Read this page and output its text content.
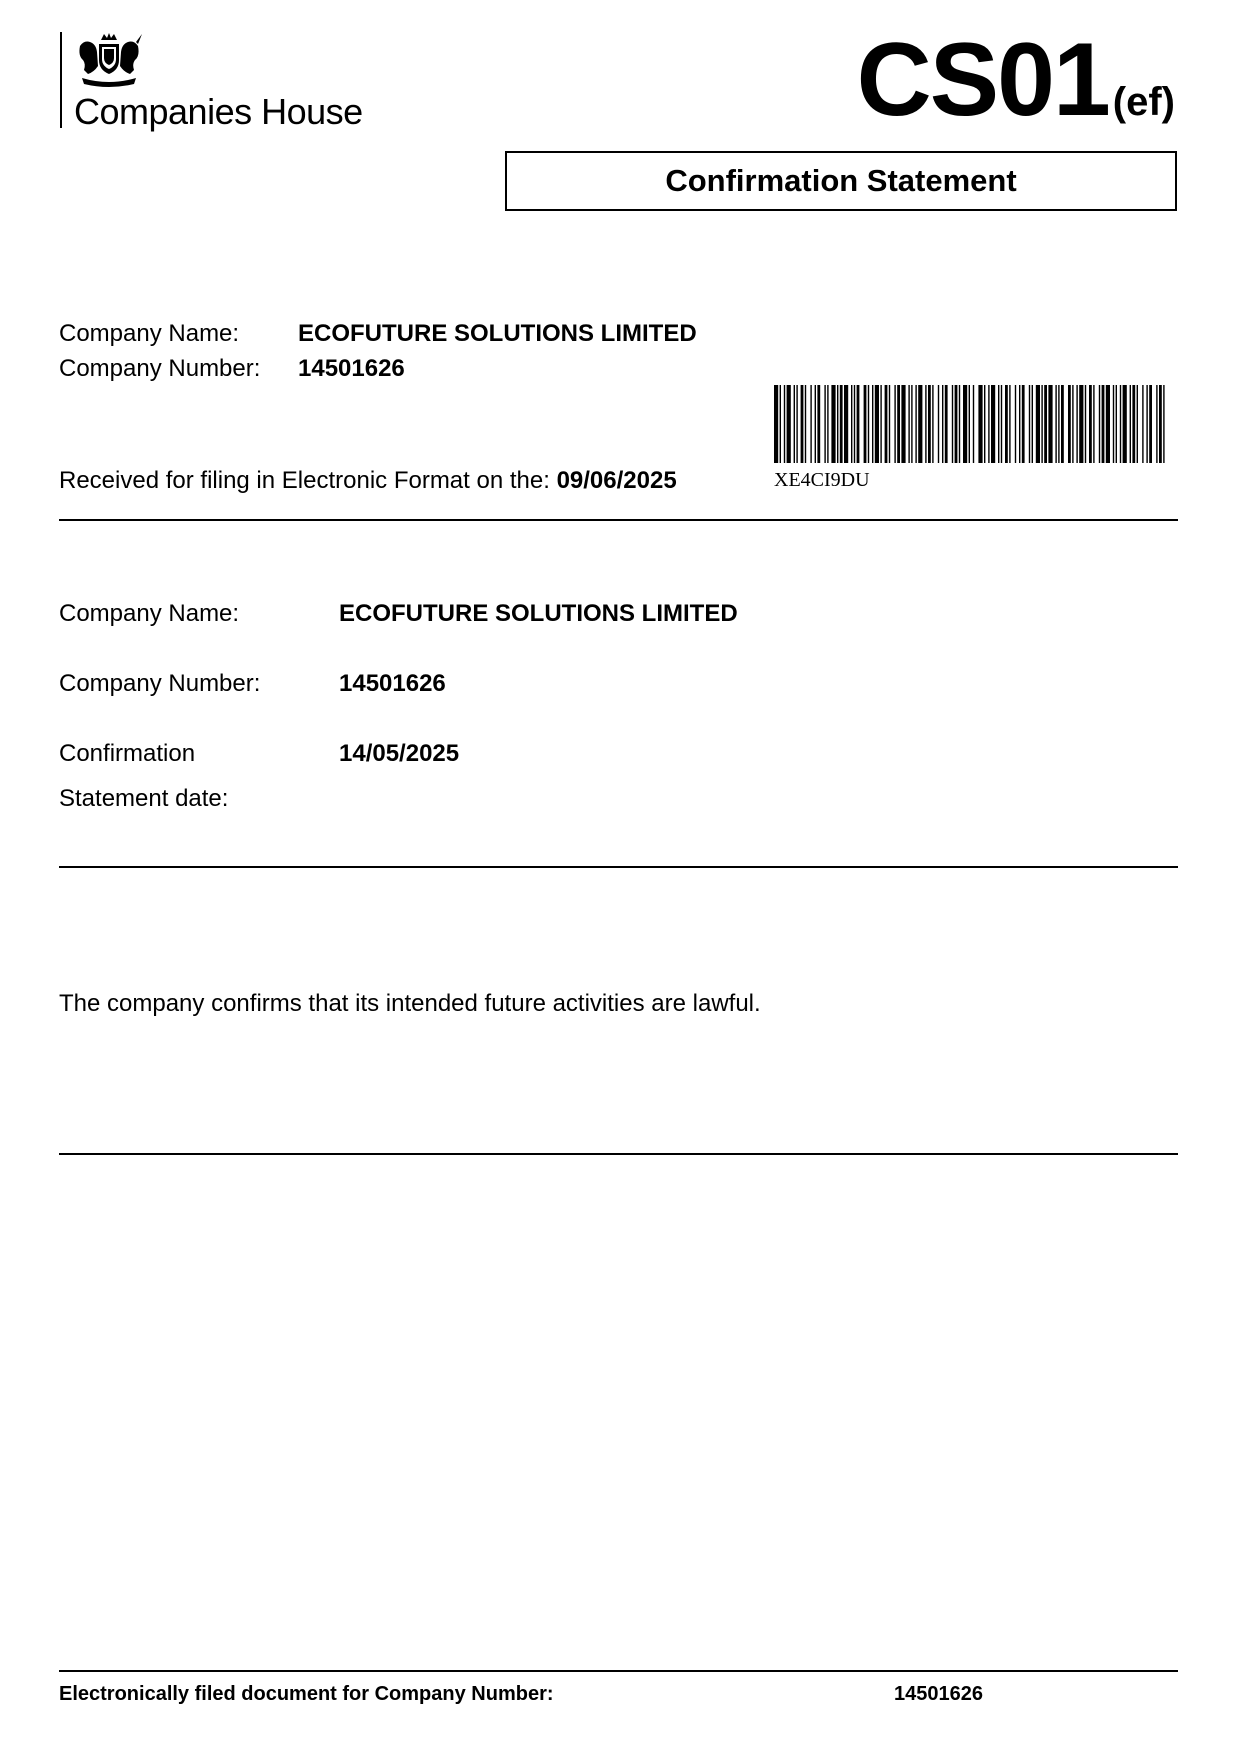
Companies House	CS01 (ef)
Confirmation Statement
Company Name: ECOFUTURE SOLUTIONS LIMITED
Company Number: 14501626
Received for filing in Electronic Format on the: 09/06/2025	XE4CI9DU
Company Name:	ECOFUTURE SOLUTIONS LIMITED
Company Number:	14501626
Confirmation
Statement date:
14/05/2025
The company confirms that its intended future activities are lawful.
Electronically filed document for Company Number:	14501626
